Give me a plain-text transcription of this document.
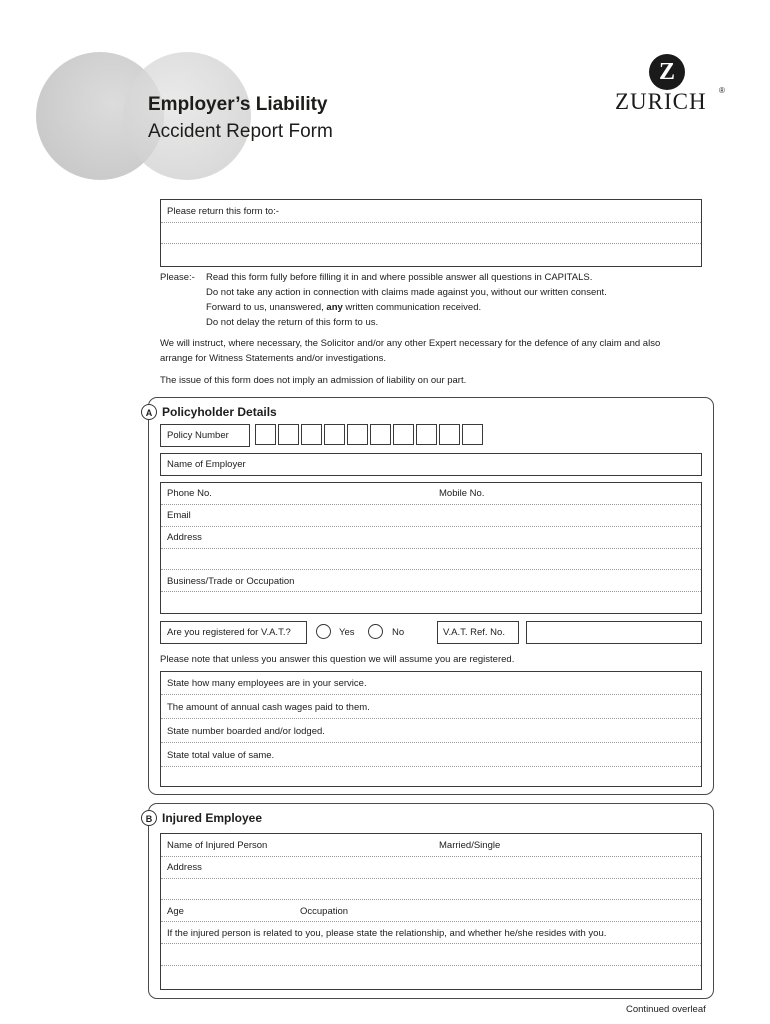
Employer’s Liability
Accident Report Form
Z
ZURICH ®
Please return this form to:-
Please:- Read this form fully before filling it in and where possible answer all questions in CAPITALS.
Do not take any action in connection with claims made against you, without our written consent.
Forward to us, unanswered, any written communication received.
Do not delay the return of this form to us.
We will instruct, where necessary, the Solicitor and/or any other Expert necessary for the defence of any claim and also
arrange for Witness Statements and/or investigations.
The issue of this form does not imply an admission of liability on our part.
A Policyholder Details
Policy Number
Name of Employer
Phone No.	Mobile No.
Email
Address
Business/Trade or Occupation
Are you registered for V.A.T.?	Yes	No	V.A.T. Ref. No.
Please note that unless you answer this question we will assume you are registered.
State how many employees are in your service.
The amount of annual cash wages paid to them.
State number boarded and/or lodged.
State total value of same.
B Injured Employee
Name of Injured Person	Married/Single
Address
Age	Occupation
If the injured person is related to you, please state the relationship, and whether he/she resides with you.
Continued overleaf
